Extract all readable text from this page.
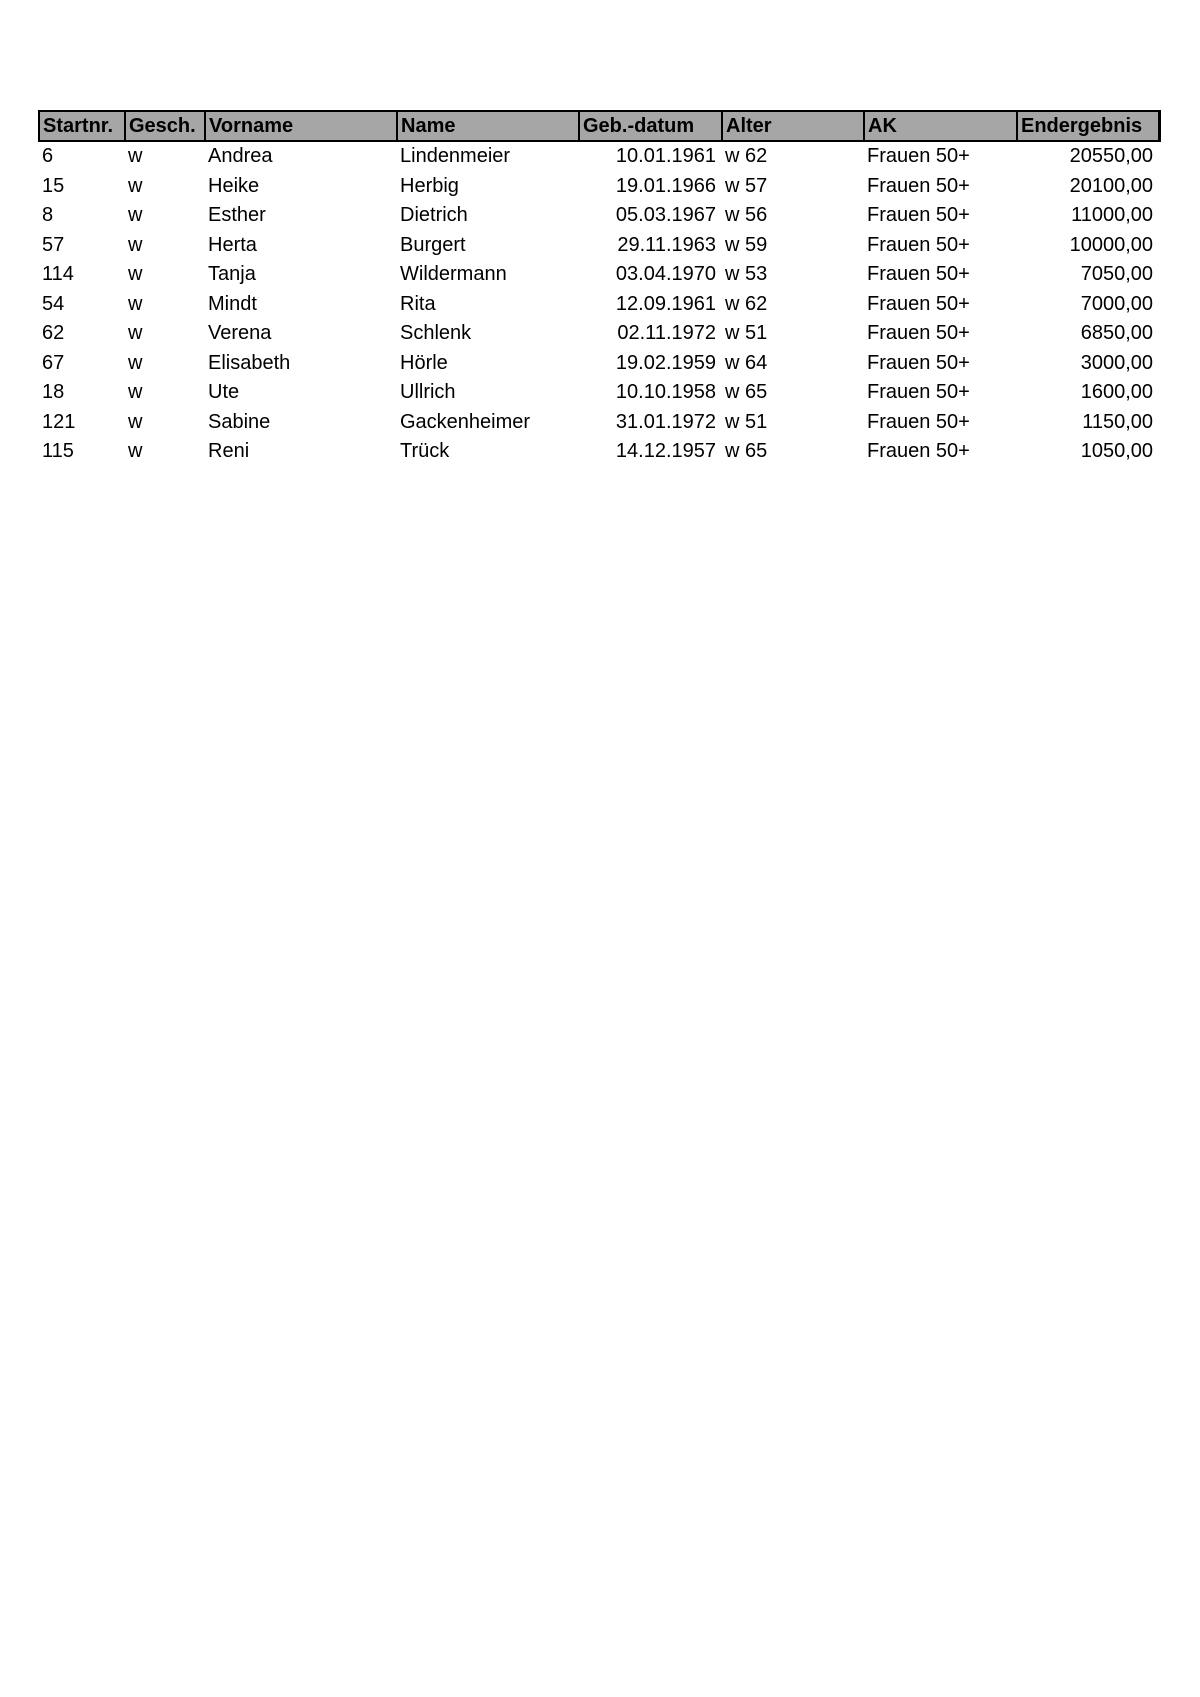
Startnr.	Gesch.	Vorname	Name	Geb.-datum	Alter	AK	Endergebnis
6	w	Andrea	Lindenmeier	10.01.1961	w 62	Frauen 50+	20550,00
15	w	Heike	Herbig	19.01.1966	w 57	Frauen 50+	20100,00
8	w	Esther	Dietrich	05.03.1967	w 56	Frauen 50+	11000,00
57	w	Herta	Burgert	29.11.1963	w 59	Frauen 50+	10000,00
114	w	Tanja	Wildermann	03.04.1970	w 53	Frauen 50+	7050,00
54	w	Mindt	Rita	12.09.1961	w 62	Frauen 50+	7000,00
62	w	Verena	Schlenk	02.11.1972	w 51	Frauen 50+	6850,00
67	w	Elisabeth	Hörle	19.02.1959	w 64	Frauen 50+	3000,00
18	w	Ute	Ullrich	10.10.1958	w 65	Frauen 50+	1600,00
121	w	Sabine	Gackenheimer	31.01.1972	w 51	Frauen 50+	1150,00
115	w	Reni	Trück	14.12.1957	w 65	Frauen 50+	1050,00
